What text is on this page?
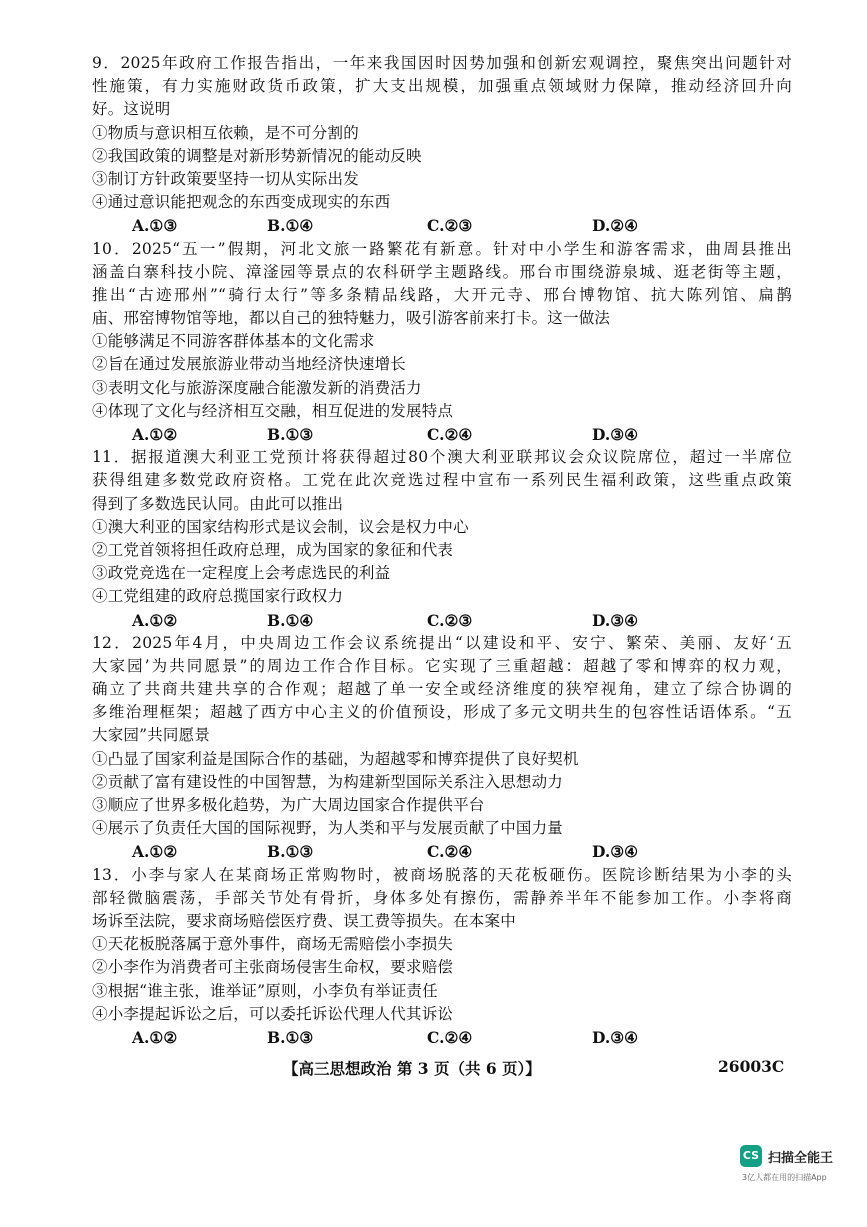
9．2025年政府工作报告指出，一年来我国因时因势加强和创新宏观调控，聚焦突出问题针对
性施策，有力实施财政货币政策，扩大支出规模，加强重点领域财力保障，推动经济回升向
好。这说明
①物质与意识相互依赖，是不可分割的
②我国政策的调整是对新形势新情况的能动反映
③制订方针政策要坚持一切从实际出发
④通过意识能把观念的东西变成现实的东西
A.①③	B.①④	C.②③	D.②④
10．2025“五一”假期，河北文旅一路繁花有新意。针对中小学生和游客需求，曲周县推出
涵盖白寨科技小院、漳滏园等景点的农科研学主题路线。邢台市围绕游泉城、逛老街等主题，
推出“古迹邢州”“骑行太行”等多条精品线路，大开元寺、邢台博物馆、抗大陈列馆、扁鹊
庙、邢窑博物馆等地，都以自己的独特魅力，吸引游客前来打卡。这一做法
①能够满足不同游客群体基本的文化需求
②旨在通过发展旅游业带动当地经济快速增长
③表明文化与旅游深度融合能激发新的消费活力
④体现了文化与经济相互交融，相互促进的发展特点
A.①②	B.①③	C.②④	D.③④
11．据报道澳大利亚工党预计将获得超过80个澳大利亚联邦议会众议院席位，超过一半席位
获得组建多数党政府资格。工党在此次竞选过程中宣布一系列民生福利政策，这些重点政策
得到了多数选民认同。由此可以推出
①澳大利亚的国家结构形式是议会制，议会是权力中心
②工党首领将担任政府总理，成为国家的象征和代表
③政党竞选在一定程度上会考虑选民的利益
④工党组建的政府总揽国家行政权力
A.①②	B.①④	C.②③	D.③④
12．2025年4月，中央周边工作会议系统提出“以建设和平、安宁、繁荣、美丽、友好‘五
大家园’为共同愿景”的周边工作合作目标。它实现了三重超越：超越了零和博弈的权力观，
确立了共商共建共享的合作观；超越了单一安全或经济维度的狭窄视角，建立了综合协调的
多维治理框架；超越了西方中心主义的价值预设，形成了多元文明共生的包容性话语体系。“五
大家园”共同愿景
①凸显了国家利益是国际合作的基础，为超越零和博弈提供了良好契机
②贡献了富有建设性的中国智慧，为构建新型国际关系注入思想动力
③顺应了世界多极化趋势，为广大周边国家合作提供平台
④展示了负责任大国的国际视野，为人类和平与发展贡献了中国力量
A.①②	B.①③	C.②④	D.③④
13．小李与家人在某商场正常购物时，被商场脱落的天花板砸伤。医院诊断结果为小李的头
部轻微脑震荡，手部关节处有骨折，身体多处有擦伤，需静养半年不能参加工作。小李将商
场诉至法院，要求商场赔偿医疗费、误工费等损失。在本案中
①天花板脱落属于意外事件，商场无需赔偿小李损失
②小李作为消费者可主张商场侵害生命权，要求赔偿
③根据“谁主张，谁举证”原则，小李负有举证责任
④小李提起诉讼之后，可以委托诉讼代理人代其诉讼
A.①②	B.①③	C.②④	D.③④
【高三思想政治 第 3 页（共 6 页）】	26003C
CS 扫描全能王
3亿人都在用的扫描App
